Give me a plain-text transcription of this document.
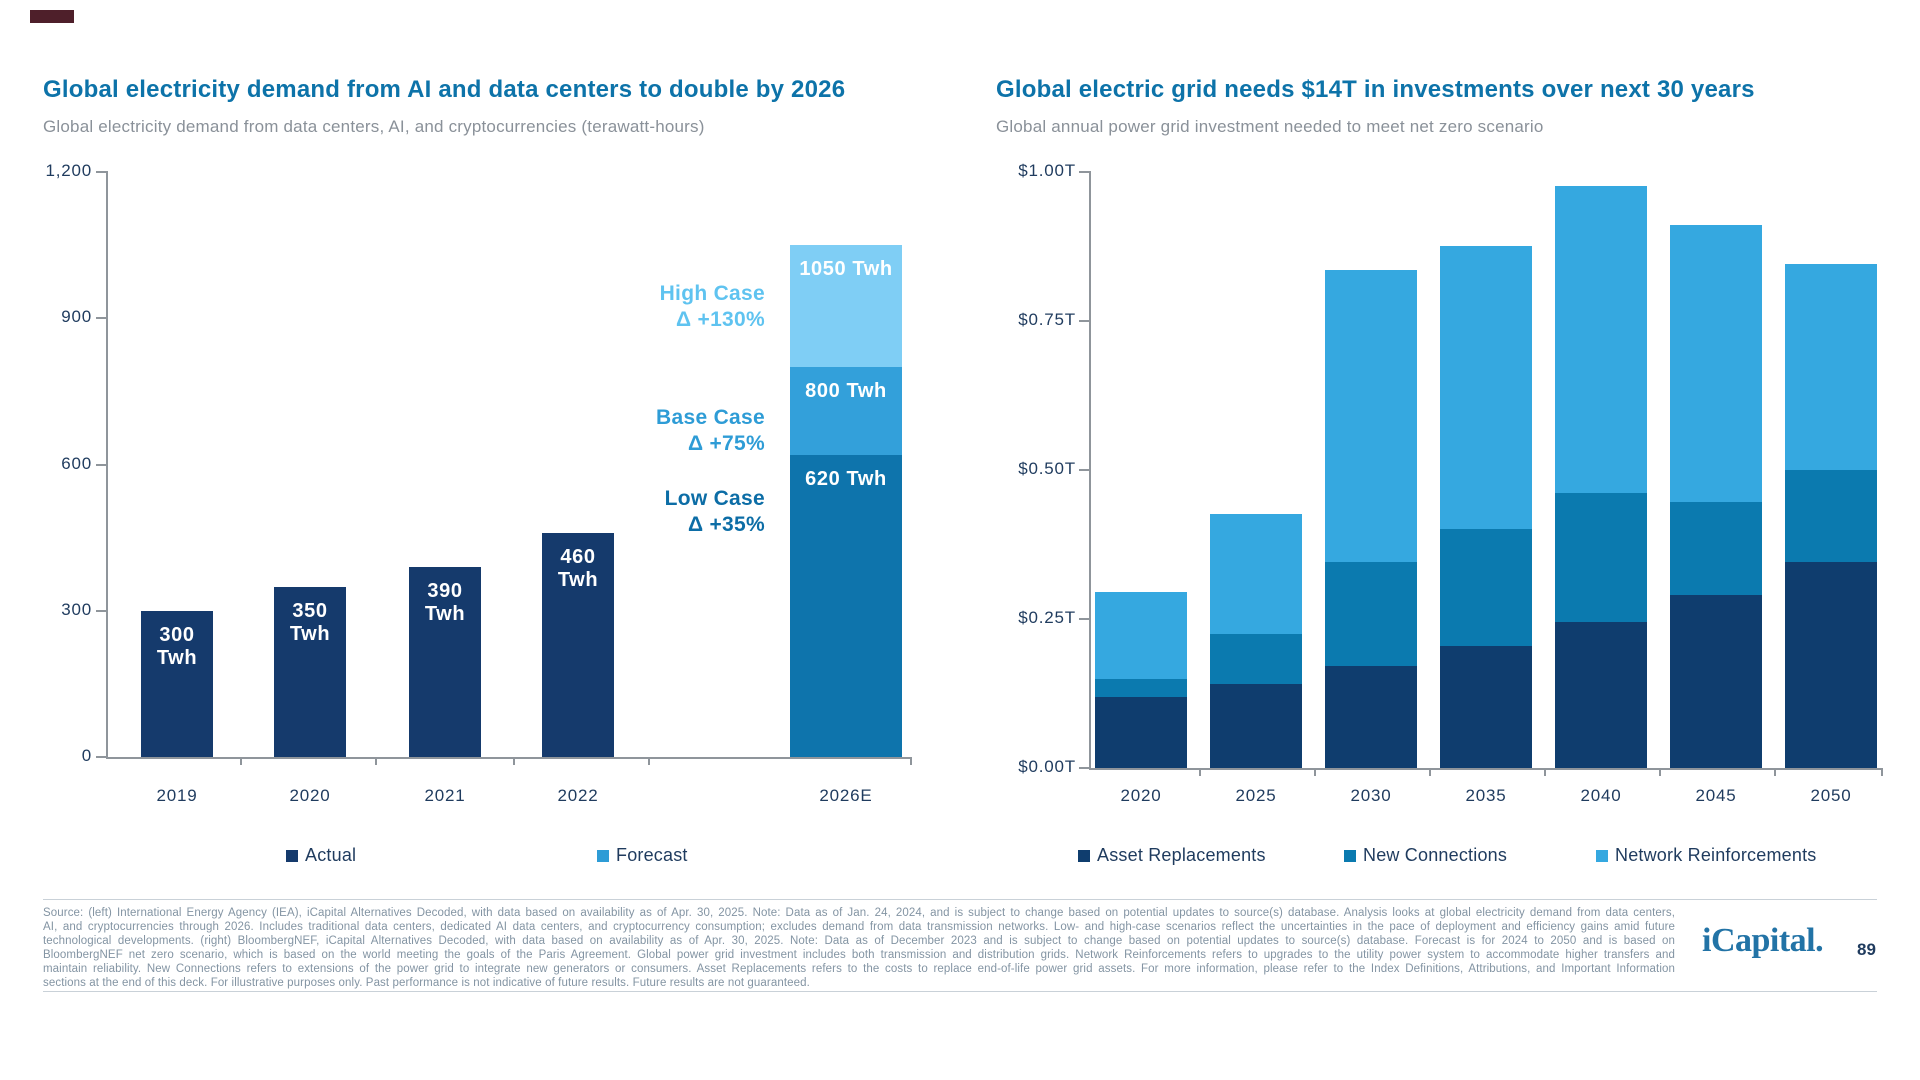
Global electricity demand from AI and data centers to double by 2026
Global electricity demand from data centers, AI, and cryptocurrencies (terawatt-hours)
1,200
900
600
300
0
300 Twh
350 Twh
390 Twh
460 Twh
1050 Twh
800 Twh
620 Twh
High Case
Δ +130%
Base Case
Δ +75%
Low Case
Δ +35%
2019	2020	2021	2022	2026E
Actual	Forecast
Global electric grid needs $14T in investments over next 30 years
Global annual power grid investment needed to meet net zero scenario
$1.00T
$0.75T
$0.50T
$0.25T
$0.00T
2020	2025	2030	2035	2040	2045	2050
Asset Replacements	New Connections	Network Reinforcements
Source: (left) International Energy Agency (IEA), iCapital Alternatives Decoded, with data based on availability as of Apr. 30, 2025. Note: Data as of Jan. 24, 2024, and is subject to change based on potential updates to source(s) database. Analysis looks at global electricity demand from data centers,
AI, and cryptocurrencies through 2026. Includes traditional data centers, dedicated AI data centers, and cryptocurrency consumption; excludes demand from data transmission networks. Low- and high-case scenarios reflect the uncertainties in the pace of deployment and efficiency gains amid future
technological developments. (right) BloombergNEF, iCapital Alternatives Decoded, with data based on availability as of Apr. 30, 2025. Note: Data as of December 2023 and is subject to change based on potential updates to source(s) database. Forecast is for 2024 to 2050 and is based on
BloombergNEF net zero scenario, which is based on the world meeting the goals of the Paris Agreement. Global power grid investment includes both transmission and distribution grids. Network Reinforcements refers to upgrades to the utility power system to accommodate higher transfers and
maintain reliability. New Connections refers to extensions of the power grid to integrate new generators or consumers. Asset Replacements refers to the costs to replace end-of-life power grid assets. For more information, please refer to the Index Definitions, Attributions, and Important Information
sections at the end of this deck. For illustrative purposes only. Past performance is not indicative of future results. Future results are not guaranteed.
iCapital. 89
